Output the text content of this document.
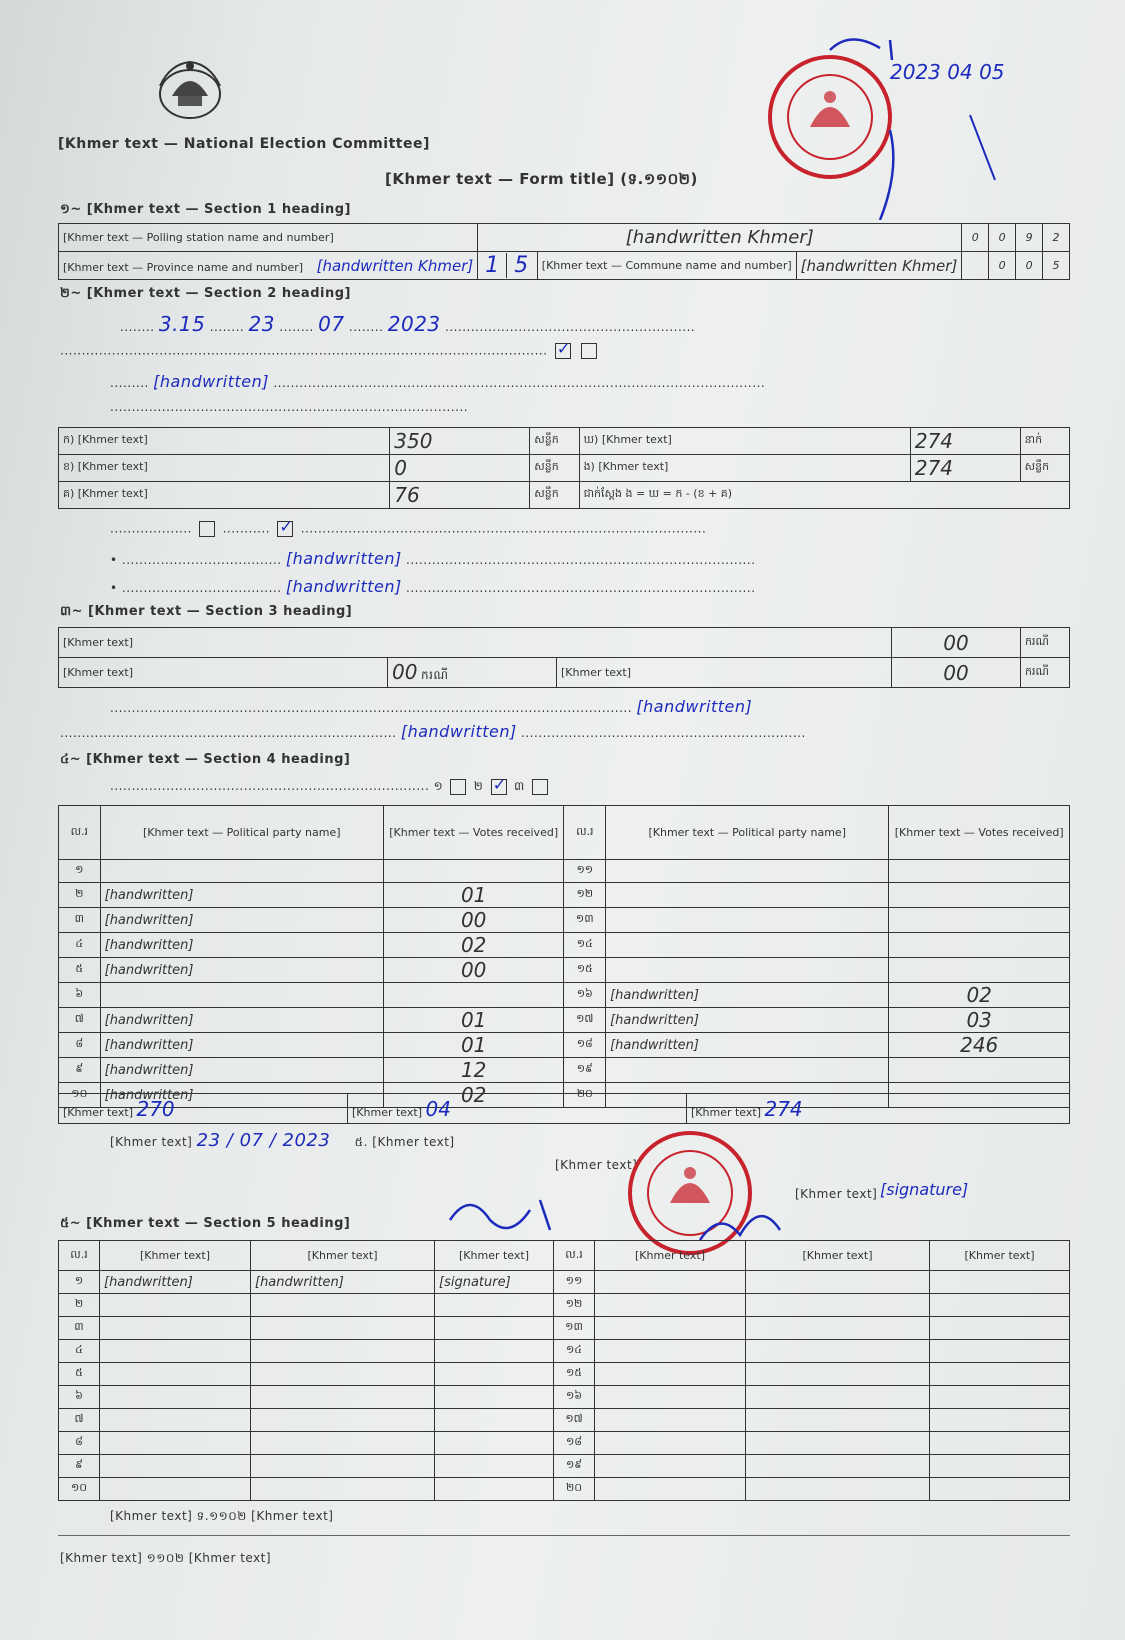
[Khmer text — National Election Committee]
2023 04 05
[Khmer text — Form title] (ទ.១១០២)
១~ [Khmer text — Section 1 heading]
[Khmer text — Polling station name and number]	[handwritten Khmer]			0	0	9	2
[Khmer text — Province name and number] [handwritten Khmer]	1 5	[Khmer text — Commune name and number]	[handwritten Khmer]		0	0	5
២~ [Khmer text — Section 2 heading]
........ 3.15 ........ 23 ........ 07 ........ 2023 ..........................................................
................................................................................................................. ✓
......... [handwritten] ..................................................................................................................
...................................................................................
ក) [Khmer text]	350	សន្លឹក	ឃ) [Khmer text]	274	នាក់
ខ) [Khmer text]	0	សន្លឹក	ង) [Khmer text]	274	សន្លឹក
គ) [Khmer text]	76	សន្លឹក	ជាក់ស្តែង ង = ឃ = ក - (ខ + គ)		
...................  ........... ✓ ..............................................................................................
• ..................................... [handwritten] .................................................................................
• ..................................... [handwritten] .................................................................................
៣~ [Khmer text — Section 3 heading]
[Khmer text]			00	ករណី
[Khmer text]	00 ករណី	[Khmer text]	00	ករណី
......................................................................................................................... [handwritten]
.............................................................................. [handwritten] ..................................................................
៤~ [Khmer text — Section 4 heading]
.......................................................................... ១  ២ ✓ ៣
ល.រ	[Khmer text — Political party name]	[Khmer text — Votes received]	ល.រ	[Khmer text — Political party name]	[Khmer text — Votes received]
១			១១		
២	[handwritten]	01	១២		
៣	[handwritten]	00	១៣		
៤	[handwritten]	02	១៤		
៥	[handwritten]	00	១៥		
៦			១៦	[handwritten]	02
៧	[handwritten]	01	១៧	[handwritten]	03
៨	[handwritten]	01	១៨	[handwritten]	246
៩	[handwritten]	12	១៩		
១០	[handwritten]	02	២០		
[Khmer text] 270	[Khmer text] 04	[Khmer text] 274
[Khmer text] 23 / 07 / 2023 ៥. [Khmer text]
[Khmer text]
[Khmer text] [signature]
៥~ [Khmer text — Section 5 heading]
ល.រ	[Khmer text]	[Khmer text]	[Khmer text]	ល.រ	[Khmer text]	[Khmer text]	[Khmer text]
១	[handwritten]	[handwritten]	[signature]	១១			
២				១២			
៣				១៣			
៤				១៤			
៥				១៥			
៦				១៦			
៧				១៧			
៨				១៨			
៩				១៩			
១០				២០			
[Khmer text] ទ.១១០២ [Khmer text]
[Khmer text] ១១០២ [Khmer text]
